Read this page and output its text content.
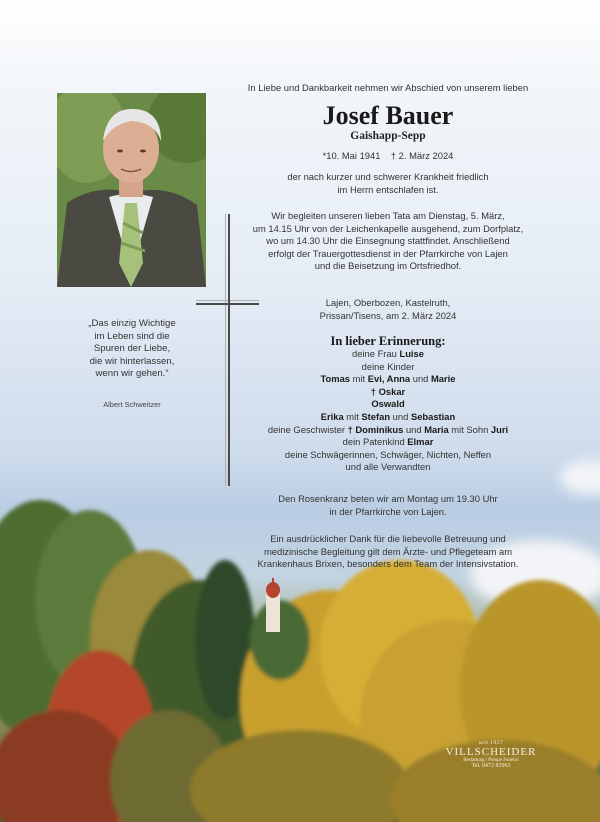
In Liebe und Dankbarkeit nehmen wir Abschied von unserem lieben
Josef Bauer
Gaishapp-Sepp
*10. Mai 1941 † 2. März 2024
der nach kurzer und schwerer Krankheit friedlich
im Herrn entschlafen ist.
Wir begleiten unseren lieben Tata am Dienstag, 5. März,
um 14.15 Uhr von der Leichenkapelle ausgehend, zum Dorfplatz,
wo um 14.30 Uhr die Einsegnung stattfindet. Anschließend
erfolgt der Trauergottesdienst in der Pfarrkirche von Lajen
und die Beisetzung im Ortsfriedhof.
Lajen, Oberbozen, Kastelruth,
Prissan/Tisens, am 2. März 2024
In lieber Erinnerung:
deine Frau Luise
deine Kinder
Tomas mit Evi, Anna und Marie
† Oskar
Oswald
Erika mit Stefan und Sebastian
deine Geschwister † Dominikus und Maria mit Sohn Juri
dein Patenkind Elmar
deine Schwägerinnen, Schwäger, Nichten, Neffen
und alle Verwandten
Den Rosenkranz beten wir am Montag um 19.30 Uhr
in der Pfarrkirche von Lajen.
Ein ausdrücklicher Dank für die liebevolle Betreuung und
medizinische Begleitung gilt dem Ärzte- und Pflegeteam am
Krankenhaus Brixen, besonders dem Team der Intensivstation.
„Das einzig Wichtige
im Leben sind die
Spuren der Liebe,
die wir hinterlassen,
wenn wir gehen.“
Albert Schweitzer
seit 1927
VILLSCHEIDER
Bestattung | Pompe Funebri
Tel. 0472 83963
